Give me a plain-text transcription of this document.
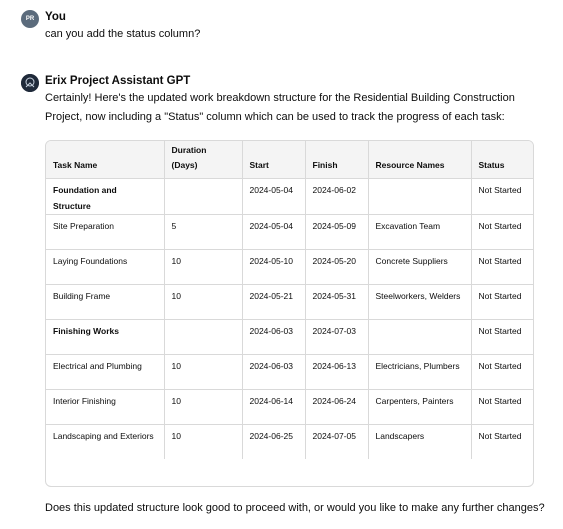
PR You
can you add the status column?
Erix Project Assistant GPT
Certainly! Here's the updated work breakdown structure for the Residential Building Construction Project, now including a "Status" column which can be used to track the progress of each task:
Task Name	Duration (Days)	Start	Finish	Resource Names	Status
Foundation and Structure		2024-05-04	2024-06-02		Not Started
Site Preparation	5	2024-05-04	2024-05-09	Excavation Team	Not Started
Laying Foundations	10	2024-05-10	2024-05-20	Concrete Suppliers	Not Started
Building Frame	10	2024-05-21	2024-05-31	Steelworkers, Welders	Not Started
Finishing Works		2024-06-03	2024-07-03		Not Started
Electrical and Plumbing	10	2024-06-03	2024-06-13	Electricians, Plumbers	Not Started
Interior Finishing	10	2024-06-14	2024-06-24	Carpenters, Painters	Not Started
Landscaping and Exteriors	10	2024-06-25	2024-07-05	Landscapers	Not Started
Does this updated structure look good to proceed with, or would you like to make any further changes?
